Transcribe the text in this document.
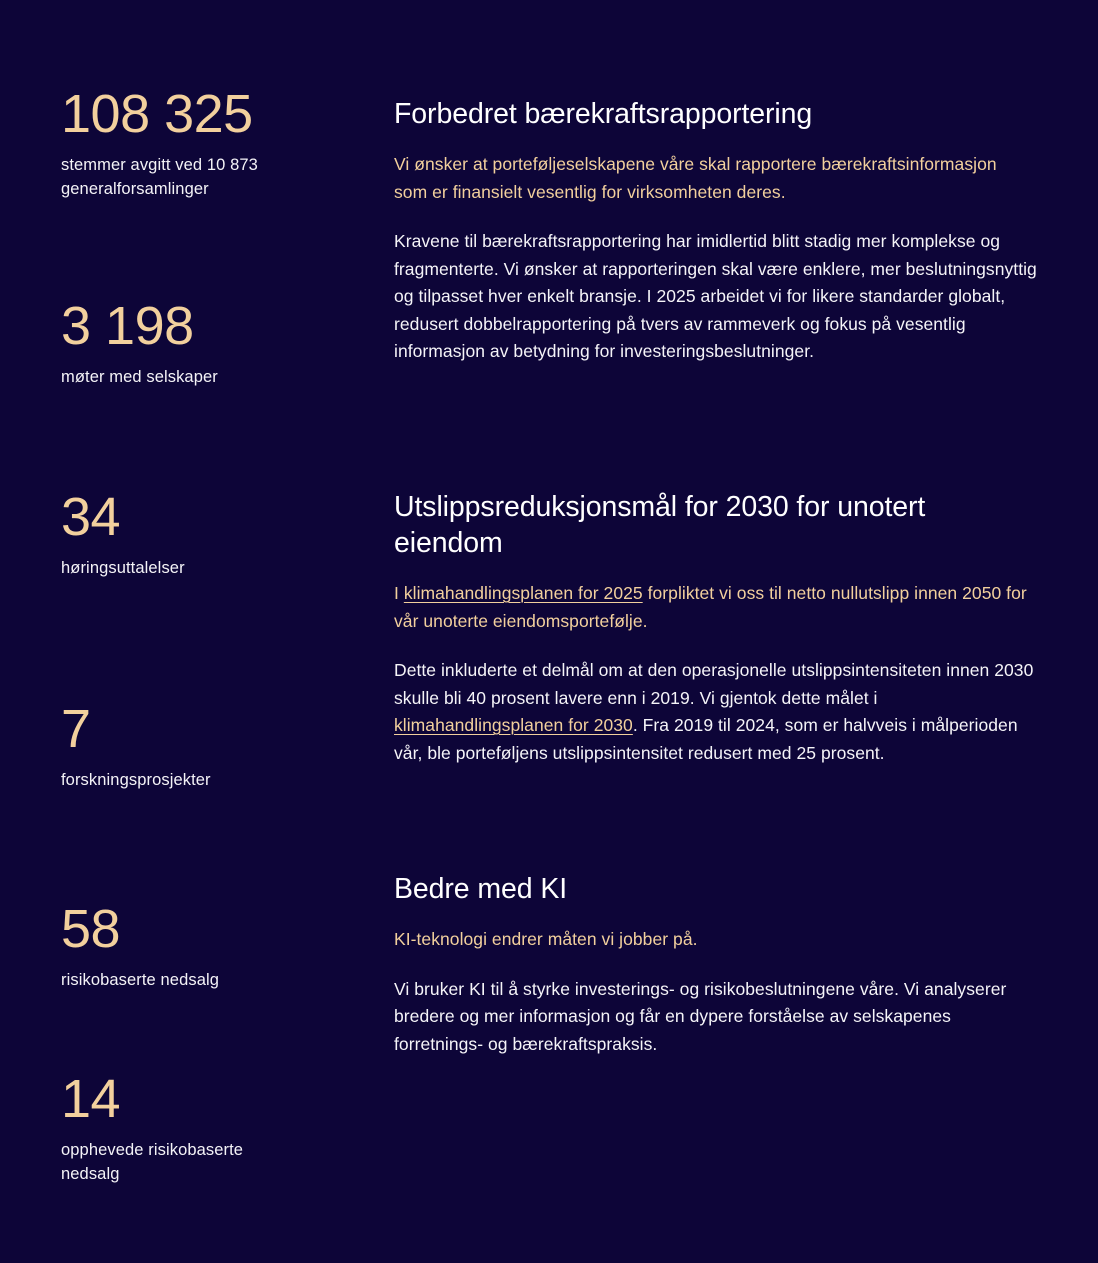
108 325
stemmer avgitt ved 10 873 generalforsamlinger
3 198
møter med selskaper
34
høringsuttalelser
7
forskningsprosjekter
58
risikobaserte nedsalg
14
opphevede risikobaserte nedsalg
Forbedret bærekraftsrapportering

Vi ønsker at porteføljeselskapene våre skal rapportere bærekraftsinformasjon som er finansielt vesentlig for virksomheten deres.

Kravene til bærekraftsrapportering har imidlertid blitt stadig mer komplekse og fragmenterte. Vi ønsker at rapporteringen skal være enklere, mer beslutningsnyttig og tilpasset hver enkelt bransje. I 2025 arbeidet vi for likere standarder globalt, redusert dobbelrapportering på tvers av rammeverk og fokus på vesentlig informasjon av betydning for investeringsbeslutninger.

Utslippsreduksjonsmål for 2030 for unotert eiendom

I klimahandlingsplanen for 2025 forpliktet vi oss til netto nullutslipp innen 2050 for vår unoterte eiendomsportefølje.

Dette inkluderte et delmål om at den operasjonelle utslippsintensiteten innen 2030 skulle bli 40 prosent lavere enn i 2019. Vi gjentok dette målet i klimahandlingsplanen for 2030. Fra 2019 til 2024, som er halvveis i målperioden vår, ble porteføljens utslippsintensitet redusert med 25 prosent.

Bedre med KI

KI-teknologi endrer måten vi jobber på.

Vi bruker KI til å styrke investerings- og risikobeslutningene våre. Vi analyserer bredere og mer informasjon og får en dypere forståelse av selskapenes forretnings- og bærekraftspraksis.
